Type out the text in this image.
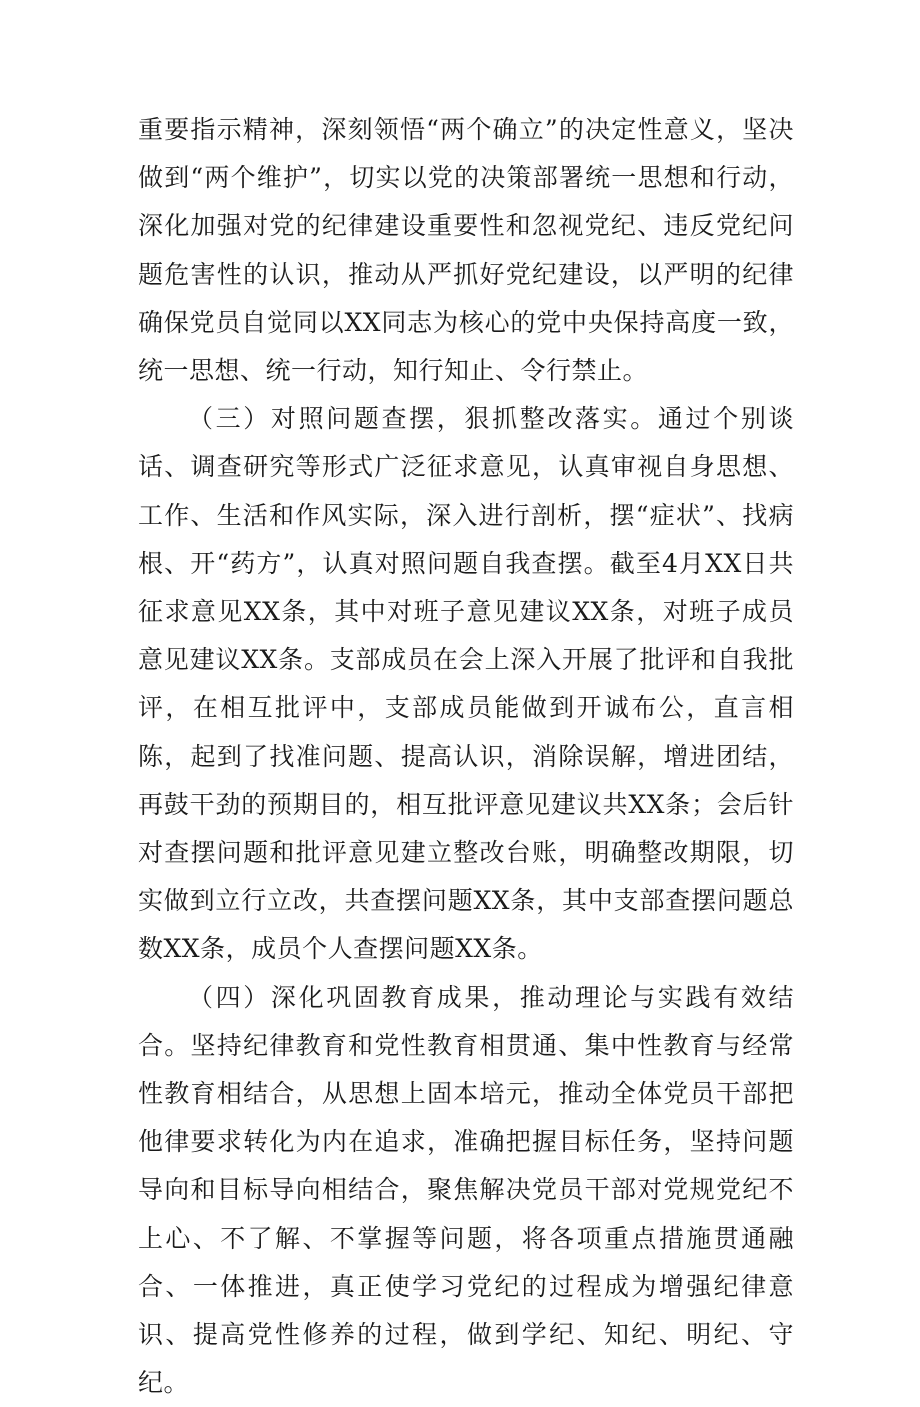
重要指示精神，深刻领悟“两个确立”的决定性意义，坚决做到“两个维护”，切实以党的决策部署统一思想和行动，深化加强对党的纪律建设重要性和忽视党纪、违反党纪问题危害性的认识，推动从严抓好党纪建设，以严明的纪律确保党员自觉同以XX同志为核心的党中央保持高度一致，统一思想、统一行动，知行知止、令行禁止。

（三）对照问题查摆，狠抓整改落实。通过个别谈话、调查研究等形式广泛征求意见，认真审视自身思想、工作、生活和作风实际，深入进行剖析，摆“症状”、找病根、开“药方”，认真对照问题自我查摆。截至4月XX日共征求意见XX条，其中对班子意见建议XX条，对班子成员意见建议XX条。支部成员在会上深入开展了批评和自我批评，在相互批评中，支部成员能做到开诚布公，直言相陈，起到了找准问题、提高认识，消除误解，增进团结，再鼓干劲的预期目的，相互批评意见建议共XX条；会后针对查摆问题和批评意见建立整改台账，明确整改期限，切实做到立行立改，共查摆问题XX条，其中支部查摆问题总数XX条，成员个人查摆问题XX条。

（四）深化巩固教育成果，推动理论与实践有效结合。坚持纪律教育和党性教育相贯通、集中性教育与经常性教育相结合，从思想上固本培元，推动全体党员干部把他律要求转化为内在追求，准确把握目标任务，坚持问题导向和目标导向相结合，聚焦解决党员干部对党规党纪不上心、不了解、不掌握等问题，将各项重点措施贯通融合、一体推进，真正使学习党纪的过程成为增强纪律意识、提高党性修养的过程，做到学纪、知纪、明纪、守纪。
